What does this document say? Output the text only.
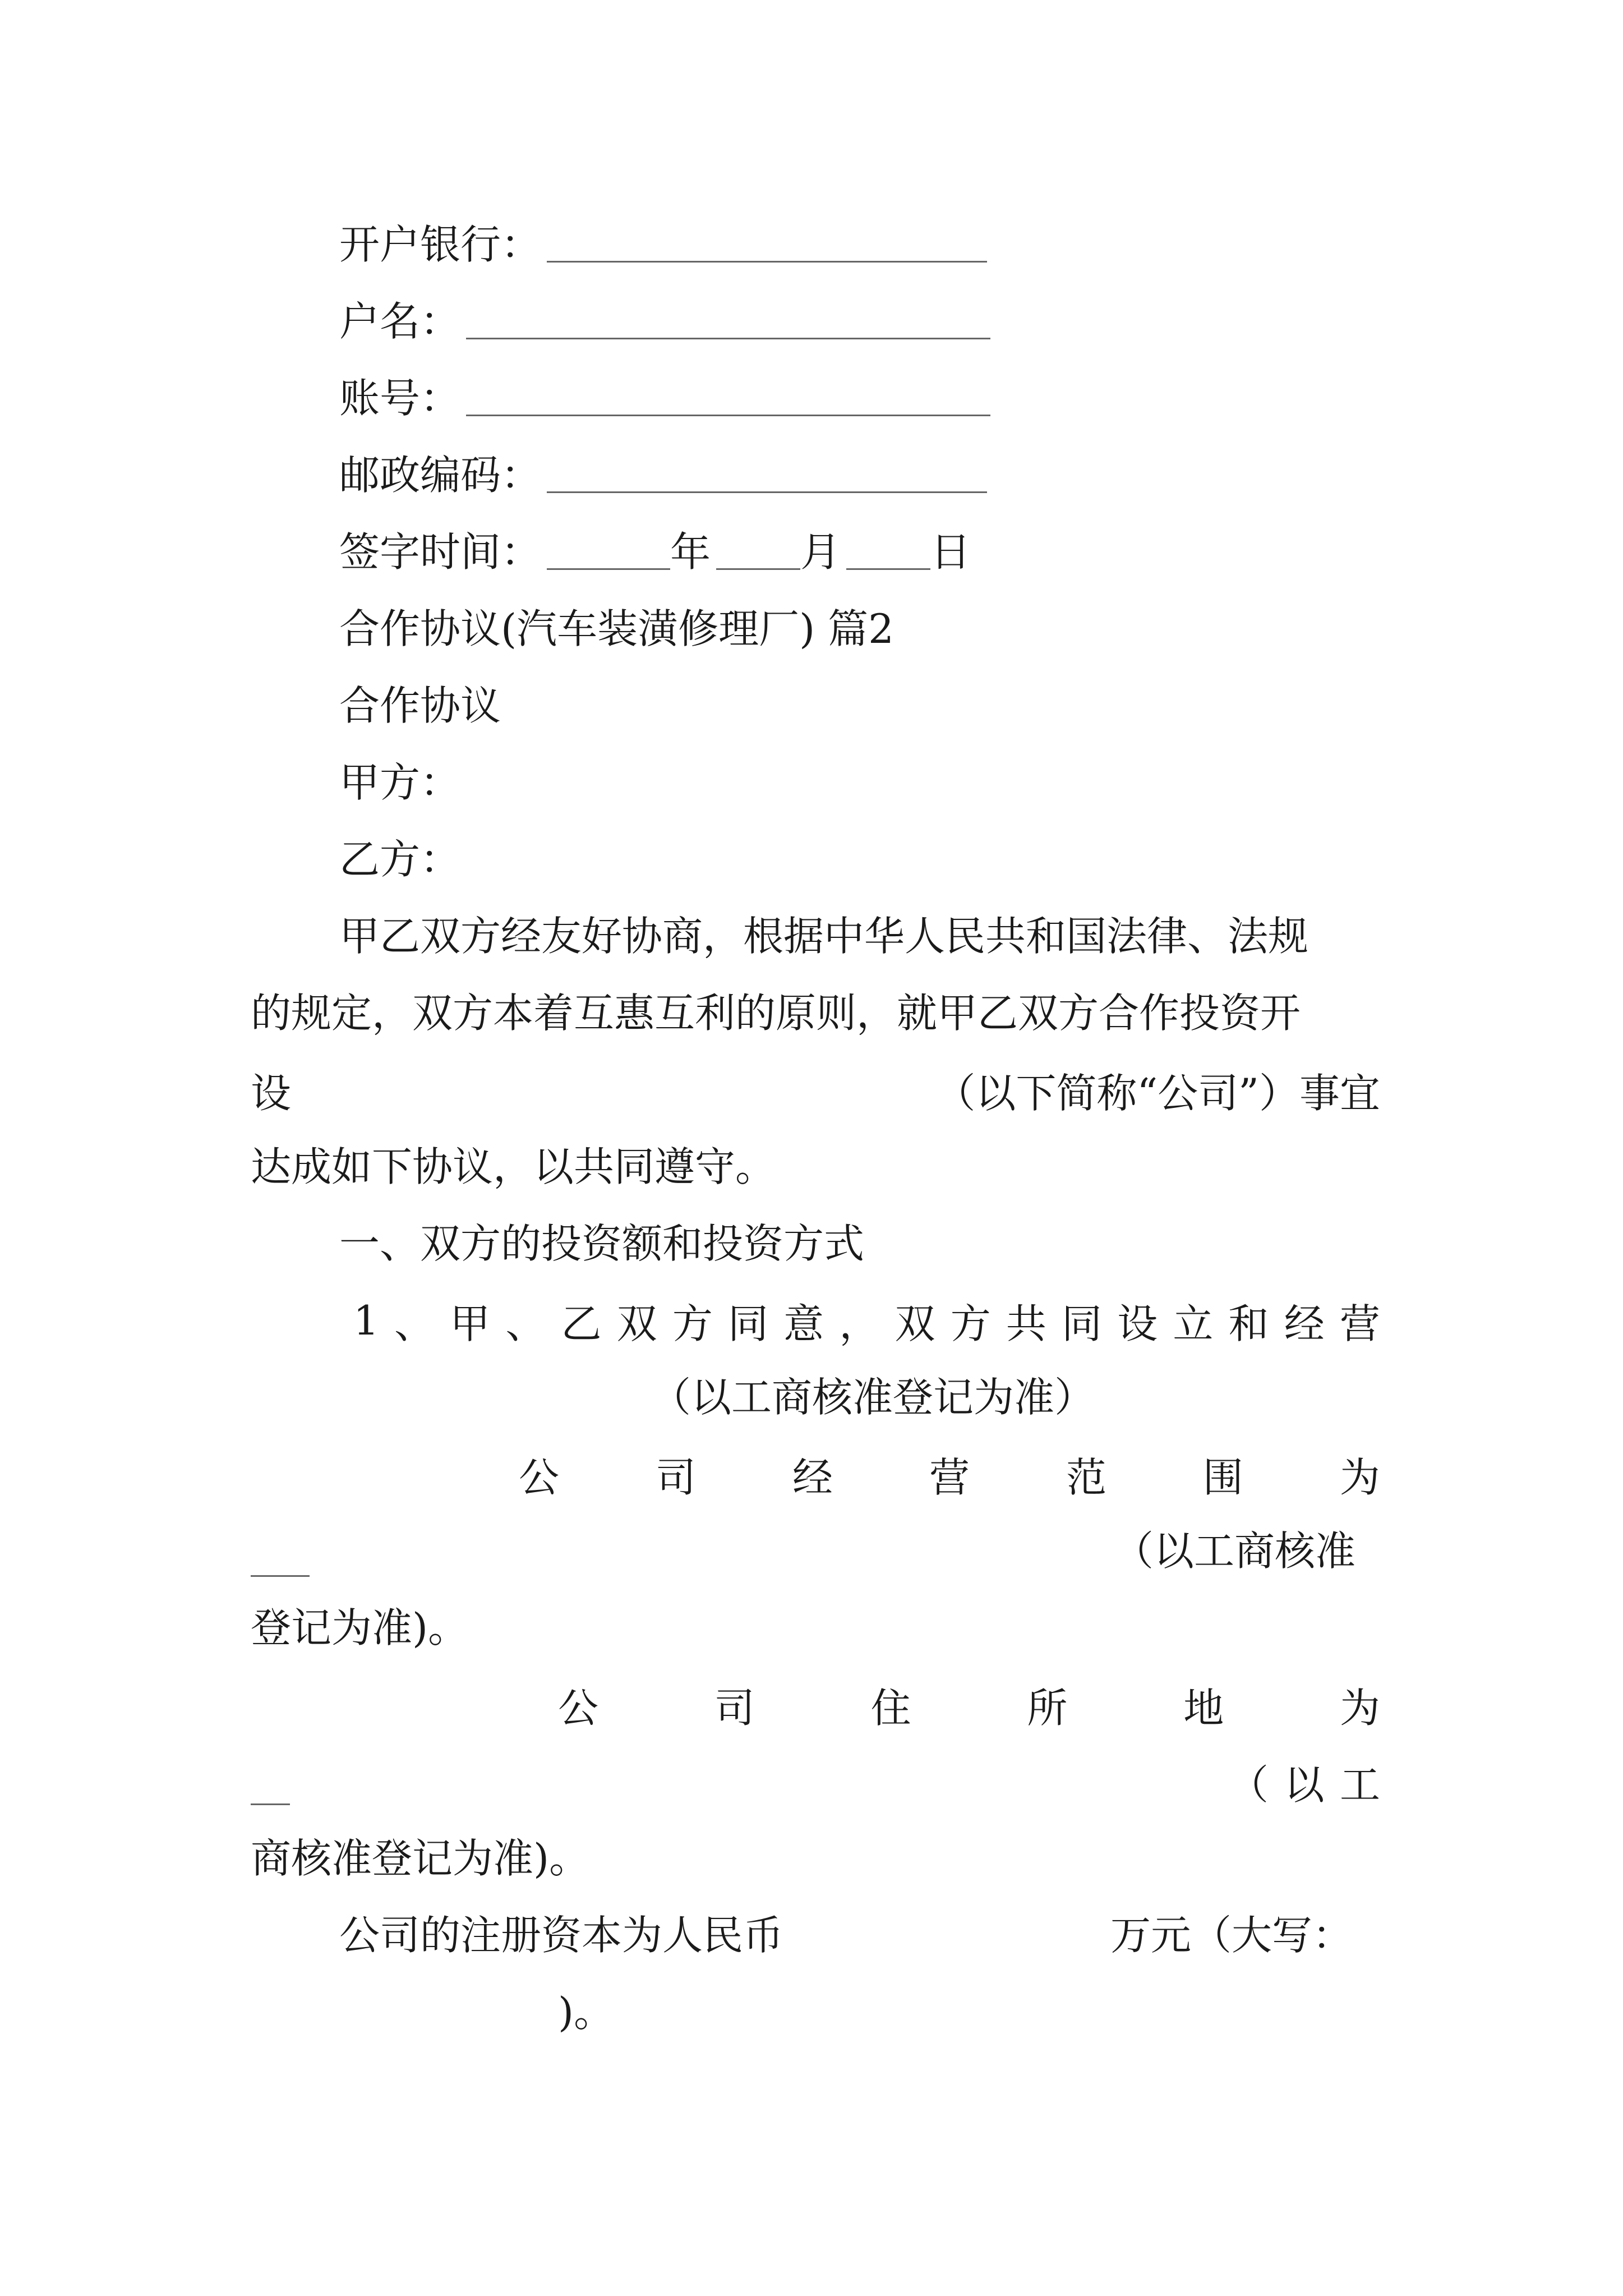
开户银行：
户名：
账号：
邮政编码：
签字时间：	年 月 日
合作协议(汽车装潢修理厂) 篇2
合作协议
甲方：
乙方：
甲乙双方经友好协商，根据中华人民共和国法律、法规
的规定，双方本着互惠互利的原则，就甲乙双方合作投资开
设	（以下简称“公司”）事宜
达成如下协议，以共同遵守。
一、双方的投资额和投资方式
1 、 甲 、 乙 双 方 同 意 ， 双 方 共 同 设 立 和 经 营
（以工商核准登记为准）
公 司 经 营 范 围 为
（以工商核准
登记为准)。
公	司	住	所	地	为
（ 以 工
商核准登记为准)。
公司的注册资本为人民币	万元（大写：
)。
